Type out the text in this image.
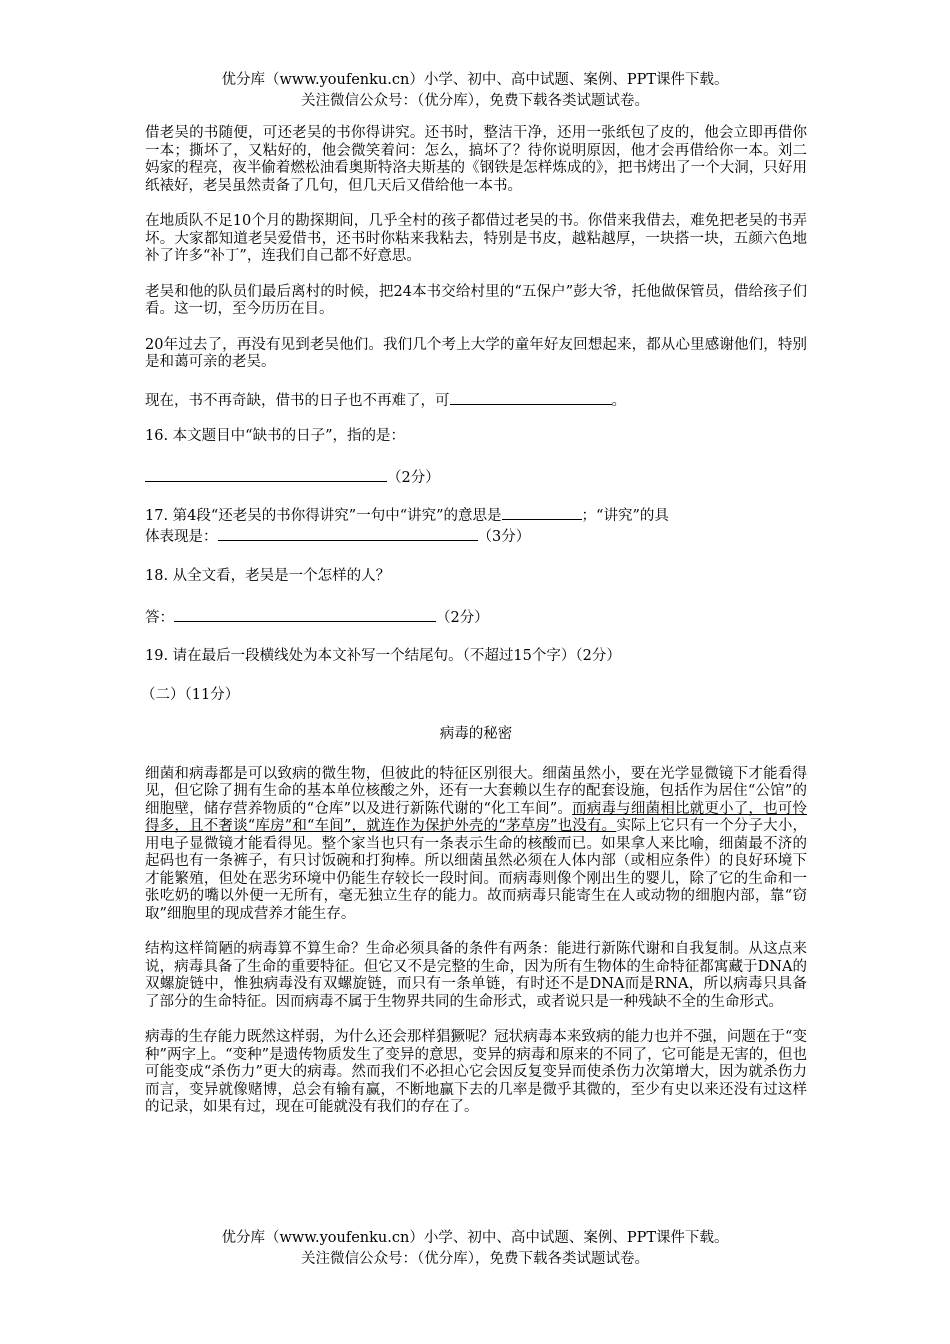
优分库（www.youfenku.cn）小学、初中、高中试题、案例、PPT课件下载。
关注微信公众号：（优分库），免费下载各类试题试卷。

借老吴的书随便，可还老吴的书你得讲究。还书时，整洁干净，还用一张纸包了皮的，他会立即再借你一本；撕坏了，又粘好的，他会微笑着问：怎么，搞坏了？待你说明原因，他才会再借给你一本。刘二妈家的程亮，夜半偷着燃松油看奥斯特洛夫斯基的《钢铁是怎样炼成的》，把书烤出了一个大洞，只好用纸裱好，老吴虽然责备了几句，但几天后又借给他一本书。

在地质队不足10个月的勘探期间，几乎全村的孩子都借过老吴的书。你借来我借去，难免把老吴的书弄坏。大家都知道老吴爱借书，还书时你粘来我粘去，特别是书皮，越粘越厚，一块搭一块，五颜六色地补了许多“补丁”，连我们自己都不好意思。

老吴和他的队员们最后离村的时候，把24本书交给村里的“五保户”彭大爷，托他做保管员，借给孩子们看。这一切，至今历历在目。

20年过去了，再没有见到老吴他们。我们几个考上大学的童年好友回想起来，都从心里感谢他们，特别是和蔼可亲的老吴。

现在，书不再奇缺，借书的日子也不再难了，可	。

16. 本文题目中“缺书的日子”，指的是：

（2分）

17. 第4段“还老吴的书你得讲究”一句中“讲究”的意思是	；“讲究”的具
体表现是：	（3分）

18. 从全文看，老吴是一个怎样的人？

答：	（2分）

19. 请在最后一段横线处为本文补写一个结尾句。（不超过15个字）（2分）

（二）（11分）

病毒的秘密

细菌和病毒都是可以致病的微生物，但彼此的特征区别很大。细菌虽然小，要在光学显微镜下才能看得见，但它除了拥有生命的基本单位核酸之外，还有一大套赖以生存的配套设施，包括作为居住“公馆”的细胞壁，储存营养物质的“仓库”以及进行新陈代谢的“化工车间”。而病毒与细菌相比就更小了，也可怜得多，且不奢谈“库房”和“车间”，就连作为保护外壳的“茅草房”也没有。实际上它只有一个分子大小，用电子显微镜才能看得见。整个家当也只有一条表示生命的核酸而已。如果拿人来比喻，细菌最不济的起码也有一条裤子，有只讨饭碗和打狗棒。所以细菌虽然必须在人体内部（或相应条件）的良好环境下才能繁殖，但处在恶劣环境中仍能生存较长一段时间。而病毒则像个刚出生的婴儿，除了它的生命和一张吃奶的嘴以外便一无所有，毫无独立生存的能力。故而病毒只能寄生在人或动物的细胞内部，靠“窃取”细胞里的现成营养才能生存。

结构这样简陋的病毒算不算生命？生命必须具备的条件有两条：能进行新陈代谢和自我复制。从这点来说，病毒具备了生命的重要特征。但它又不是完整的生命，因为所有生物体的生命特征都寓藏于DNA的双螺旋链中，惟独病毒没有双螺旋链，而只有一条单链，有时还不是DNA而是RNA，所以病毒只具备了部分的生命特征。因而病毒不属于生物界共同的生命形式，或者说只是一种残缺不全的生命形式。

病毒的生存能力既然这样弱，为什么还会那样猖獗呢？冠状病毒本来致病的能力也并不强，问题在于“变种”两字上。“变种”是遗传物质发生了变异的意思，变异的病毒和原来的不同了，它可能是无害的，但也可能变成“杀伤力”更大的病毒。然而我们不必担心它会因反复变异而使杀伤力次第增大，因为就杀伤力而言，变异就像赌博，总会有输有赢，不断地赢下去的几率是微乎其微的，至少有史以来还没有过这样的记录，如果有过，现在可能就没有我们的存在了。

优分库（www.youfenku.cn）小学、初中、高中试题、案例、PPT课件下载。
关注微信公众号：（优分库），免费下载各类试题试卷。
